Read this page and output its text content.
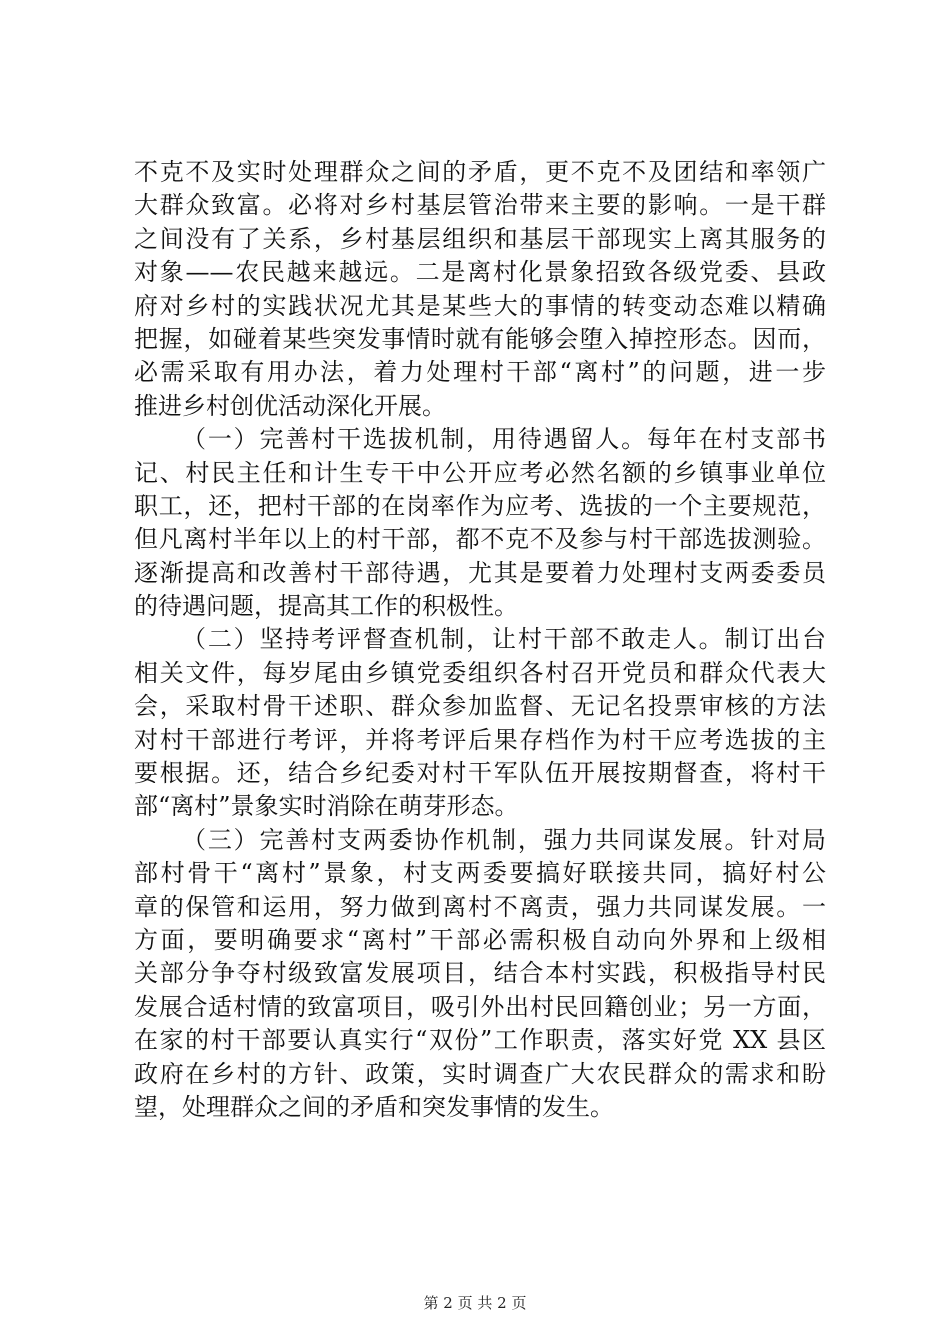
不克不及实时处理群众之间的矛盾，更不克不及团结和率领广
大群众致富。必将对乡村基层管治带来主要的影响。一是干群
之间没有了关系，乡村基层组织和基层干部现实上离其服务的
对象——农民越来越远。二是离村化景象招致各级党委、县政
府对乡村的实践状况尤其是某些大的事情的转变动态难以精确
把握，如碰着某些突发事情时就有能够会堕入掉控形态。因而，
必需采取有用办法，着力处理村干部“离村”的问题，进一步
推进乡村创优活动深化开展。
（一）完善村干选拔机制，用待遇留人。每年在村支部书
记、村民主任和计生专干中公开应考必然名额的乡镇事业单位
职工，还，把村干部的在岗率作为应考、选拔的一个主要规范，
但凡离村半年以上的村干部，都不克不及参与村干部选拔测验。
逐渐提高和改善村干部待遇，尤其是要着力处理村支两委委员
的待遇问题，提高其工作的积极性。
（二）坚持考评督查机制，让村干部不敢走人。制订出台
相关文件，每岁尾由乡镇党委组织各村召开党员和群众代表大
会，采取村骨干述职、群众参加监督、无记名投票审核的方法
对村干部进行考评，并将考评后果存档作为村干应考选拔的主
要根据。还，结合乡纪委对村干军队伍开展按期督查，将村干
部“离村”景象实时消除在萌芽形态。
（三）完善村支两委协作机制，强力共同谋发展。针对局
部村骨干“离村”景象，村支两委要搞好联接共同，搞好村公
章的保管和运用，努力做到离村不离责，强力共同谋发展。一
方面，要明确要求“离村”干部必需积极自动向外界和上级相
关部分争夺村级致富发展项目，结合本村实践，积极指导村民
发展合适村情的致富项目，吸引外出村民回籍创业；另一方面，
在家的村干部要认真实行“双份”工作职责，落实好党 XX 县区
政府在乡村的方针、政策，实时调查广大农民群众的需求和盼
望，处理群众之间的矛盾和突发事情的发生。
第 2 页 共 2 页
